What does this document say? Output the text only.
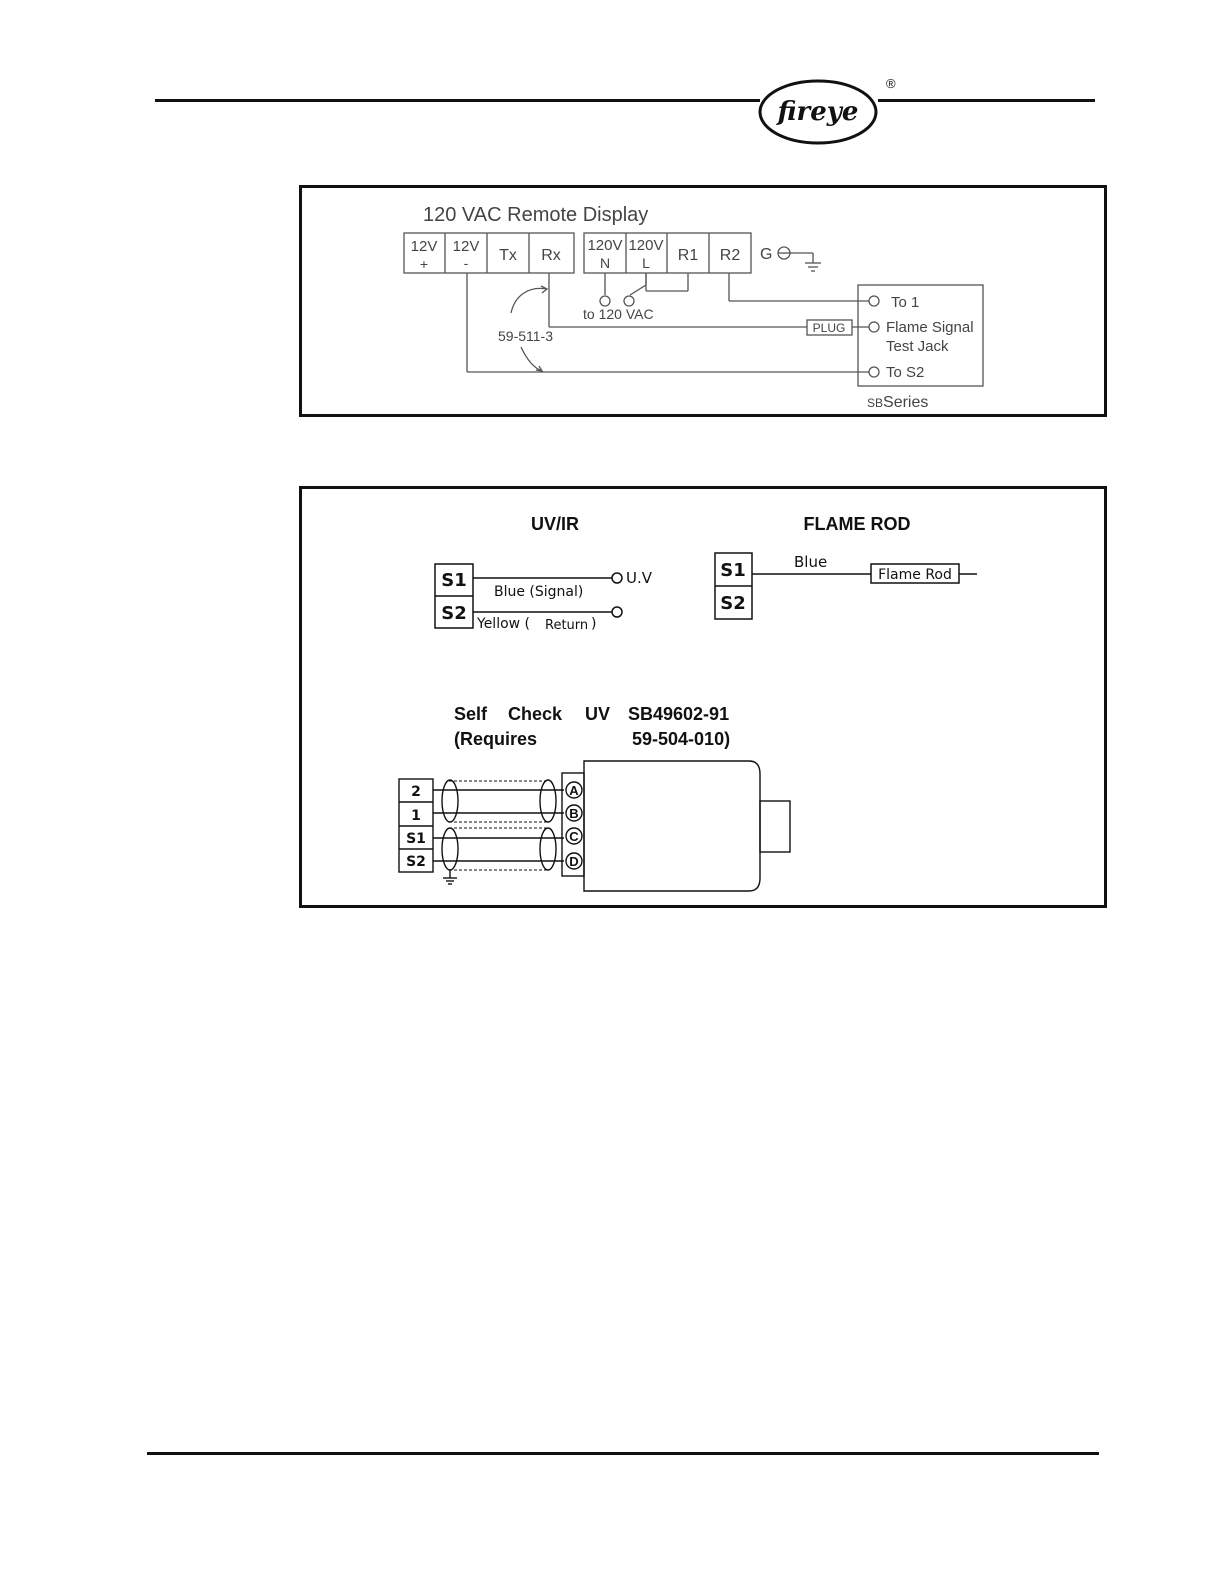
fireye
®
120 VAC Remote Display
12V
+
12V
- Tx Rx
120V
N
120V
L R1 R2 G
to 120 VAC
59-511-3	PLUG
To 1
Flame Signal
Test Jack
To S2
SBSeries
UV/IR
S1
S2
Blue (Signal)
U.V
Yellow ( Return )
FLAME ROD
S1
S2
Blue
Flame Rod
Self Check UV SB49602-91
(Requires	59-504-010)
2
1
S1
S2
A
B
C
D
